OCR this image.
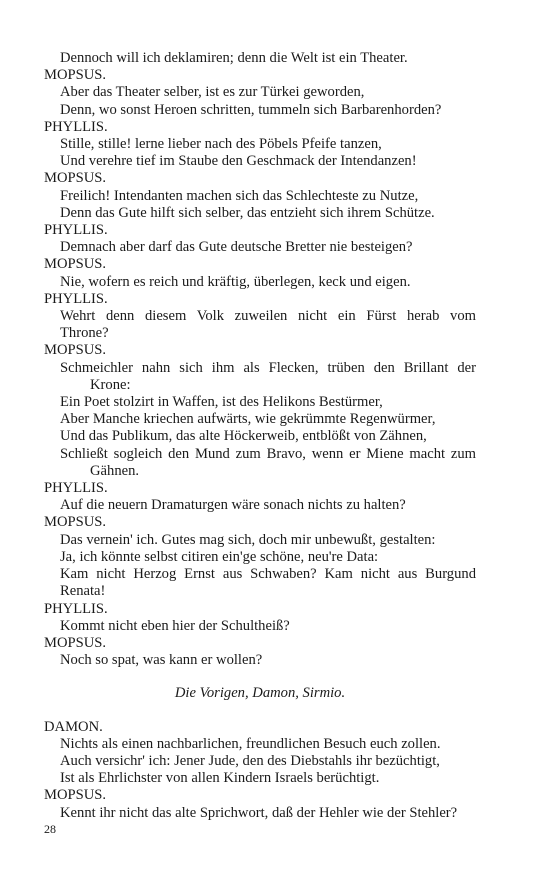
Dennoch will ich deklamiren; denn die Welt ist ein Theater.
MOPSUS.
Aber das Theater selber, ist es zur Türkei geworden,
Denn, wo sonst Heroen schritten, tummeln sich Barbarenhorden?
PHYLLIS.
Stille, stille! lerne lieber nach des Pöbels Pfeife tanzen,
Und verehre tief im Staube den Geschmack der Intendanzen!
MOPSUS.
Freilich! Intendanten machen sich das Schlechteste zu Nutze,
Denn das Gute hilft sich selber, das entzieht sich ihrem Schütze.
PHYLLIS.
Demnach aber darf das Gute deutsche Bretter nie besteigen?
MOPSUS.
Nie, wofern es reich und kräftig, überlegen, keck und eigen.
PHYLLIS.
Wehrt denn diesem Volk zuweilen nicht ein Fürst herab vom
Throne?
MOPSUS.
Schmeichler nahn sich ihm als Flecken, trüben den Brillant der
Krone:
Ein Poet stolzirt in Waffen, ist des Helikons Bestürmer,
Aber Manche kriechen aufwärts, wie gekrümmte Regenwürmer,
Und das Publikum, das alte Höckerweib, entblößt von Zähnen,
Schließt sogleich den Mund zum Bravo, wenn er Miene macht zum
Gähnen.
PHYLLIS.
Auf die neuern Dramaturgen wäre sonach nichts zu halten?
MOPSUS.
Das vernein' ich. Gutes mag sich, doch mir unbewußt, gestalten:
Ja, ich könnte selbst citiren ein'ge schöne, neu're Data:
Kam nicht Herzog Ernst aus Schwaben? Kam nicht aus Burgund
Renata!
PHYLLIS.
Kommt nicht eben hier der Schultheiß?
MOPSUS.
Noch so spat, was kann er wollen?
Die Vorigen, Damon, Sirmio.
DAMON.
Nichts als einen nachbarlichen, freundlichen Besuch euch zollen.
Auch versichr' ich: Jener Jude, den des Diebstahls ihr bezüchtigt,
Ist als Ehrlichster von allen Kindern Israels berüchtigt.
MOPSUS.
Kennt ihr nicht das alte Sprichwort, daß der Hehler wie der Stehler?
28
